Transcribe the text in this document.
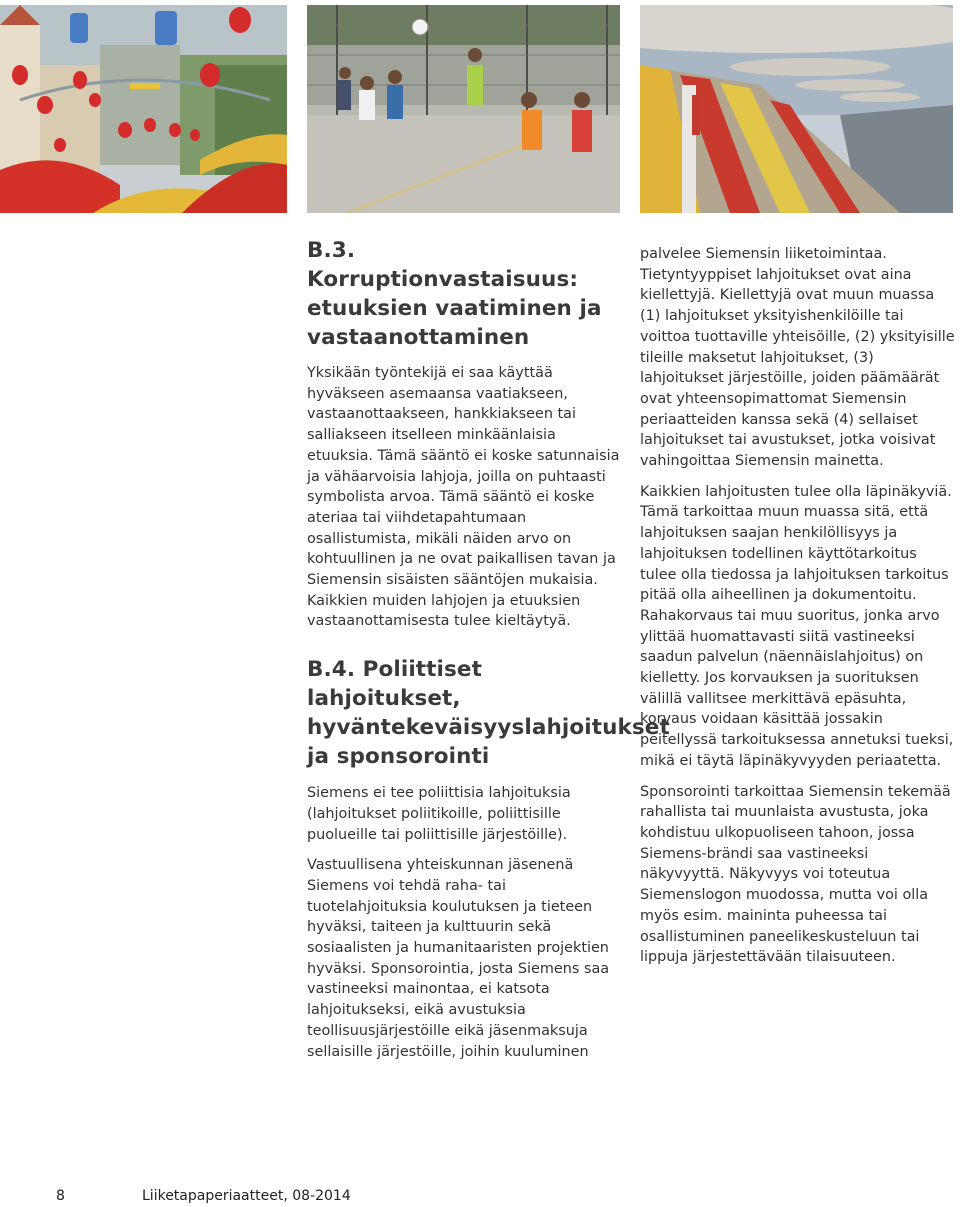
B.3. Korruptionvastaisuus: etuuksien vaatiminen ja vastaanottaminen

Yksikään työntekijä ei saa käyttää hyväkseen asemaansa vaatiakseen, vastaanottaakseen, hankkiakseen tai salliakseen itselleen minkäänlaisia etuuksia. Tämä sääntö ei koske satunnaisia ja vähäarvoisia lahjoja, joilla on puhtaasti symbolista arvoa. Tämä sääntö ei koske ateriaa tai viihdetapahtumaan osallistumista, mikäli näiden arvo on kohtuullinen ja ne ovat paikallisen tavan ja Siemensin sisäisten sääntöjen mukaisia. Kaikkien muiden lahjojen ja etuuksien vastaanottamisesta tulee kieltäytyä.

B.4. Poliittiset lahjoitukset, hyväntekeväisyyslahjoitukset ja sponsorointi

Siemens ei tee poliittisia lahjoituksia (lahjoitukset poliitikoille, poliittisille puolueille tai poliittisille järjestöille).

Vastuullisena yhteiskunnan jäsenenä Siemens voi tehdä raha- tai tuotelahjoituksia koulutuksen ja tieteen hyväksi, taiteen ja kulttuurin sekä sosiaalisten ja humanitaaristen projektien hyväksi. Sponsorointia, josta Siemens saa vastineeksi mainontaa, ei katsota lahjoitukseksi, eikä avustuksia teollisuusjärjestöille eikä jäsenmaksuja sellaisille järjestöille, joihin kuuluminen

palvelee Siemensin liiketoimintaa. Tietyntyyppiset lahjoitukset ovat aina kiellettyjä. Kiellettyjä ovat muun muassa (1) lahjoitukset yksityishenkilöille tai voittoa tuottaville yhteisöille, (2) yksityisille tileille maksetut lahjoitukset, (3) lahjoitukset järjestöille, joiden päämäärät ovat yhteensopimattomat Siemensin periaatteiden kanssa sekä (4) sellaiset lahjoitukset tai avustukset, jotka voisivat vahingoittaa Siemensin mainetta.

Kaikkien lahjoitusten tulee olla läpinäkyviä. Tämä tarkoittaa muun muassa sitä, että lahjoituksen saajan henkilöllisyys ja lahjoituksen todellinen käyttötarkoitus tulee olla tiedossa ja lahjoituksen tarkoitus pitää olla aiheellinen ja dokumentoitu. Rahakorvaus tai muu suoritus, jonka arvo ylittää huomattavasti siitä vastineeksi saadun palvelun (näennäislahjoitus) on kielletty. Jos korvauksen ja suorituksen välillä vallitsee merkittävä epäsuhta, korvaus voidaan käsittää jossakin peitellyssä tarkoituksessa annetuksi tueksi, mikä ei täytä läpinäkyvyyden periaatetta.

Sponsorointi tarkoittaa Siemensin tekemää rahallista tai muunlaista avustusta, joka kohdistuu ulkopuoliseen tahoon, jossa Siemens-brändi saa vastineeksi näkyvyyttä. Näkyvyys voi toteutua Siemenslogon muodossa, mutta voi olla myös esim. maininta puheessa tai osallistuminen paneelikeskusteluun tai lippuja järjestettävään tilaisuuteen.

8	Liiketapaperiaatteet, 08-2014
